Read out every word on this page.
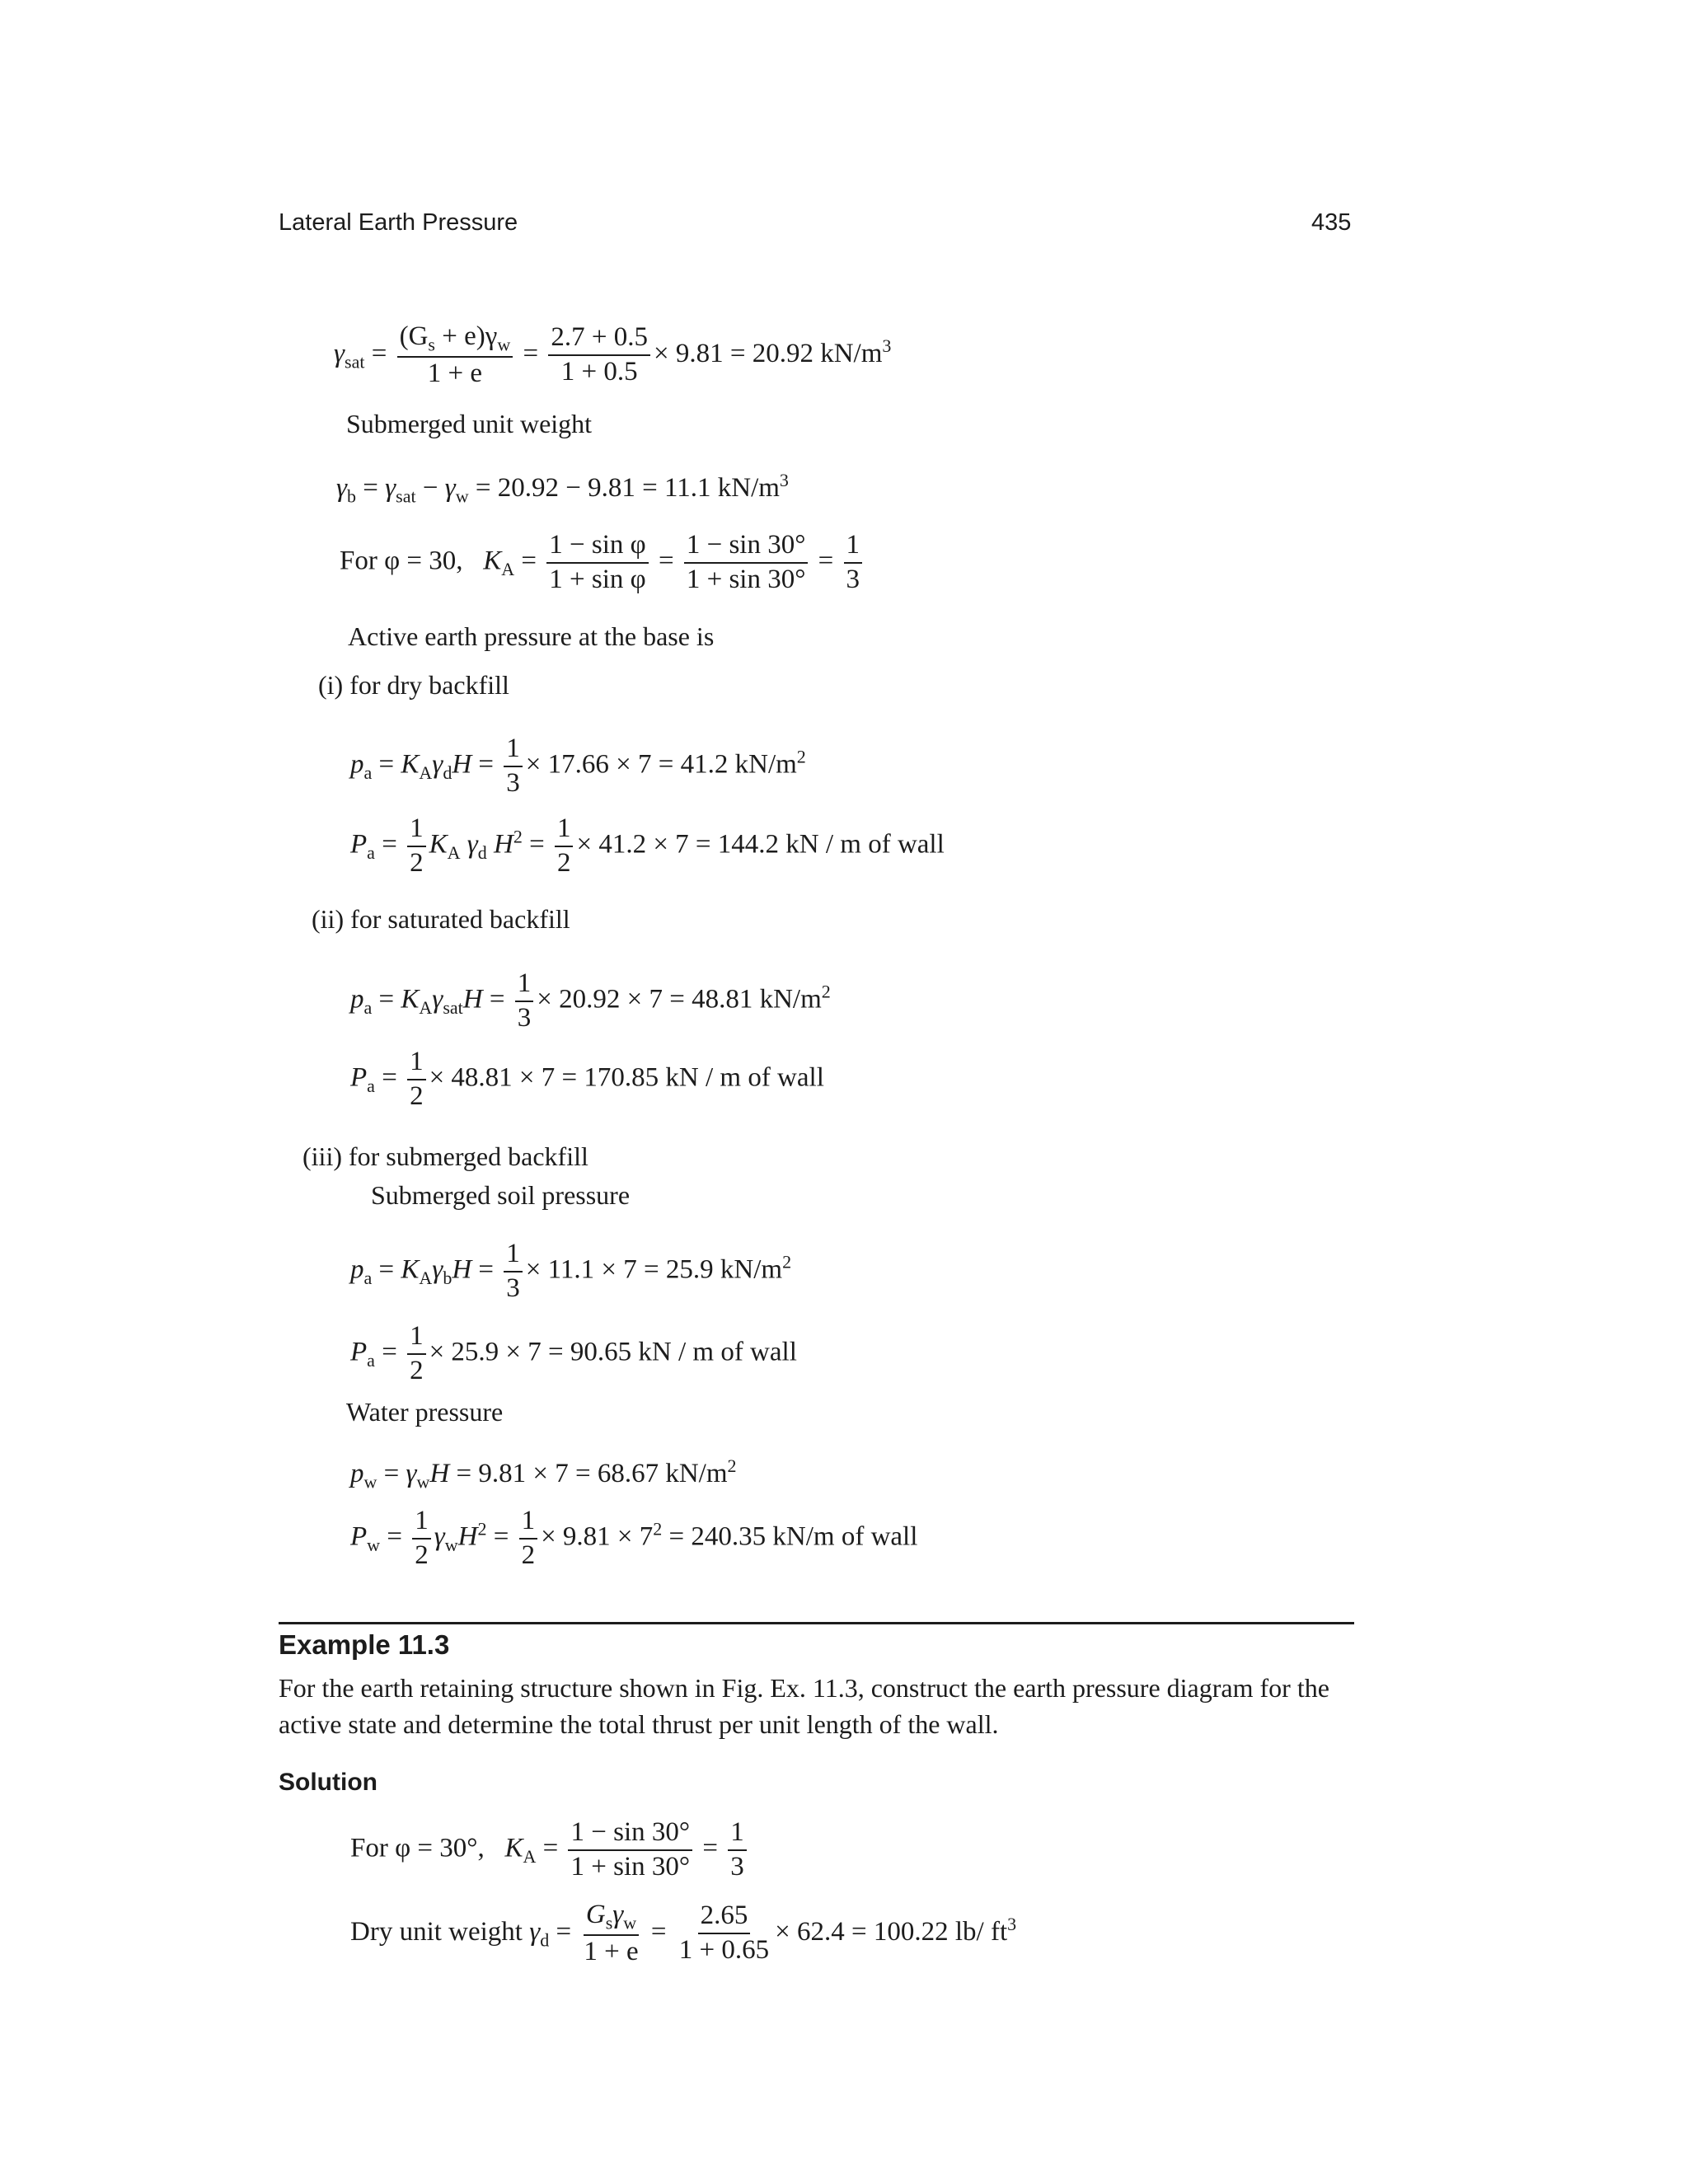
Lateral Earth Pressure	435
$\gamma_{sat} = \frac{(G_s + e)\gamma_w}{1 + e} = \frac{2.7 + 0.5}{1 + 0.5} \times 9.81 = 20.92$ $kN/m^3$
Submerged unit weight
$\gamma_b = \gamma_{sat} - \gamma_w = 20.92 - 9.81 = 11.1$ $kN/m^3$
For φ = 30, $K_A = \frac{\text{1 − sin φ}}{\text{1 + sin φ}} = \frac{1 - \sin 30^\circ}{1 + \sin 30^\circ} = \frac{1}{3}$
Active earth pressure at the base is
(i) for dry backfill
$p_a = K_A\gamma_dH = \frac{1}{3} \times 17.66 \times 7 = 41.2$ $kN/m^2$
$P_a = \frac{1}{2} K_A$ $\gamma_d$ $H^2 = \frac{1}{2} \times 41.2 \times 7 = 144.2$ kN / m of wall
(ii) for saturated backfill
$p_a = K_A\gamma_{sat}H = \frac{1}{3} \times 20.92 \times 7 = 48.81$ $kN/m^2$
$P_a = \frac{1}{2} \times 48.81 \times 7 = 170.85$ kN / m of wall
(iii) for submerged backfill
Submerged soil pressure
$p_a = K_A\gamma_bH = \frac{1}{3} \times 11.1 \times 7 = 25.9$ $kN/m^2$
$P_a = \frac{1}{2} \times 25.9 \times 7 = 90.65$ kN / m of wall
Water pressure
$p_w = \gamma_wH = 9.81 \times 7 = 68.67$ $kN/m^2$
$P_w = \frac{1}{2} \gamma_wH^2 = \frac{1}{2} \times 9.81 \times 7^2 = 240.35$ kN/m of wall
Example 11.3
For the earth retaining structure shown in Fig. Ex. 11.3, construct the earth pressure diagram for the
active state and determine the total thrust per unit length of the wall.
Solution
For φ = 30°, $K_A = \frac{1 - \sin 30^\circ}{1 + \sin 30^\circ} = \frac{1}{3}$
Dry unit weight $\gamma_d = \frac{G_s\gamma_w}{1 + e} = \frac{2.65}{1 + 0.65} \times 62.4 = 100.22$ lb/ $ft^3$
